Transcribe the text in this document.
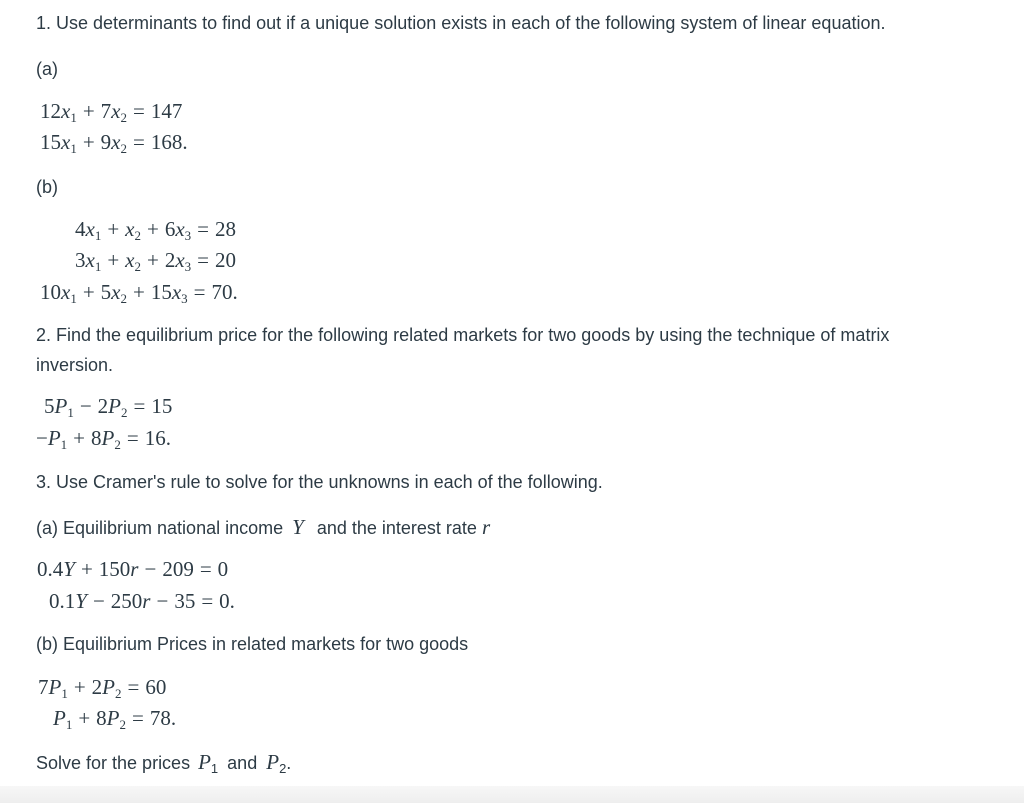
1. Use determinants to find out if a unique solution exists in each of the following system of linear equation.
(a)
$12x_1 + 7x_2 = 147$
$15x_1 + 9x_2 = 168$.
(b)
$4x_1 + x_2 + 6x_3 = 28$
$3x_1 + x_2 + 2x_3 = 20$
$10x_1 + 5x_2 + 15x_3 = 70$.
2. Find the equilibrium price for the following related markets for two goods by using the technique of matrix
inversion.
$5P_1 - 2P_2 = 15$
$-P_1 + 8P_2 = 16$.
3. Use Cramer's rule to solve for the unknowns in each of the following.
(a) Equilibrium national income Y and the interest rate r
0.4Y + 150r − 209 = 0
0.1Y − 250r − 35 = 0.
(b) Equilibrium Prices in related markets for two goods
$7P_1 + 2P_2 = 60$
$P_1 + 8P_2 = 78$.
Solve for the prices $P_1$ and $P_2$.
